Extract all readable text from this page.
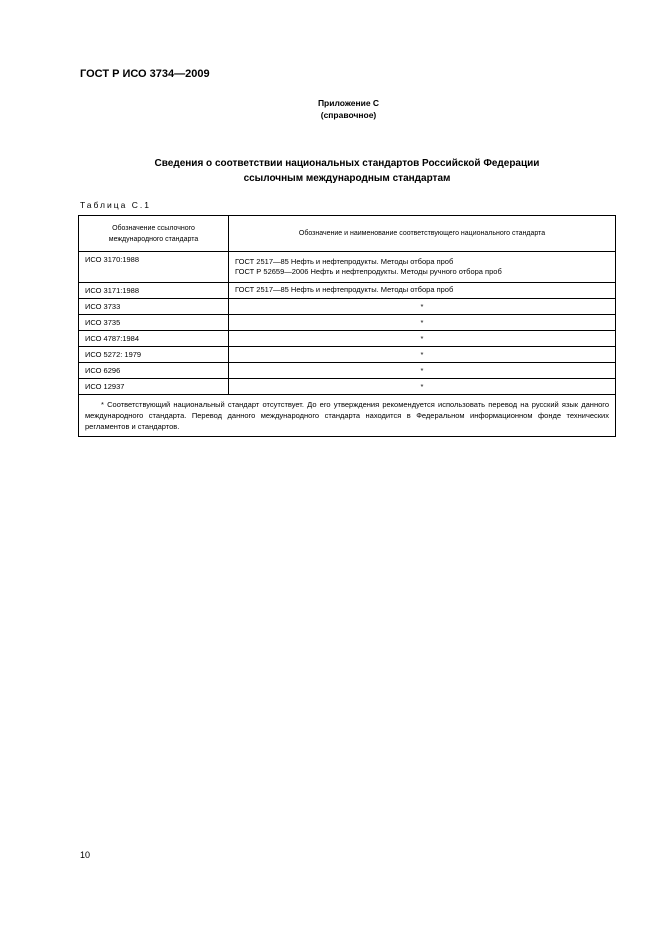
ГОСТ Р ИСО 3734—2009
Приложение С
(справочное)
Сведения о соответствии национальных стандартов Российской Федерации
ссылочным международным стандартам
Таблица С.1
Обозначение ссылочного международного стандарта	Обозначение и наименование соответствующего национального стандарта
ИСО 3170:1988	ГОСТ 2517—85 Нефть и нефтепродукты. Методы отбора проб
ГОСТ Р 52659—2006 Нефть и нефтепродукты. Методы ручного отбора проб

ИСО 3171:1988	ГОСТ 2517—85 Нефть и нефтепродукты. Методы отбора проб
ИСО 3733	*
ИСО 3735	*
ИСО 4787:1984	*
ИСО 5272: 1979	*
ИСО 6296	*
ИСО 12937	*

* Соответствующий национальный стандарт отсутствует. До его утверждения рекомендуется использовать перевод на русский язык данного международного стандарта. Перевод данного международного стандарта находится в Федеральном информационном фонде технических регламентов и стандартов.	
10
